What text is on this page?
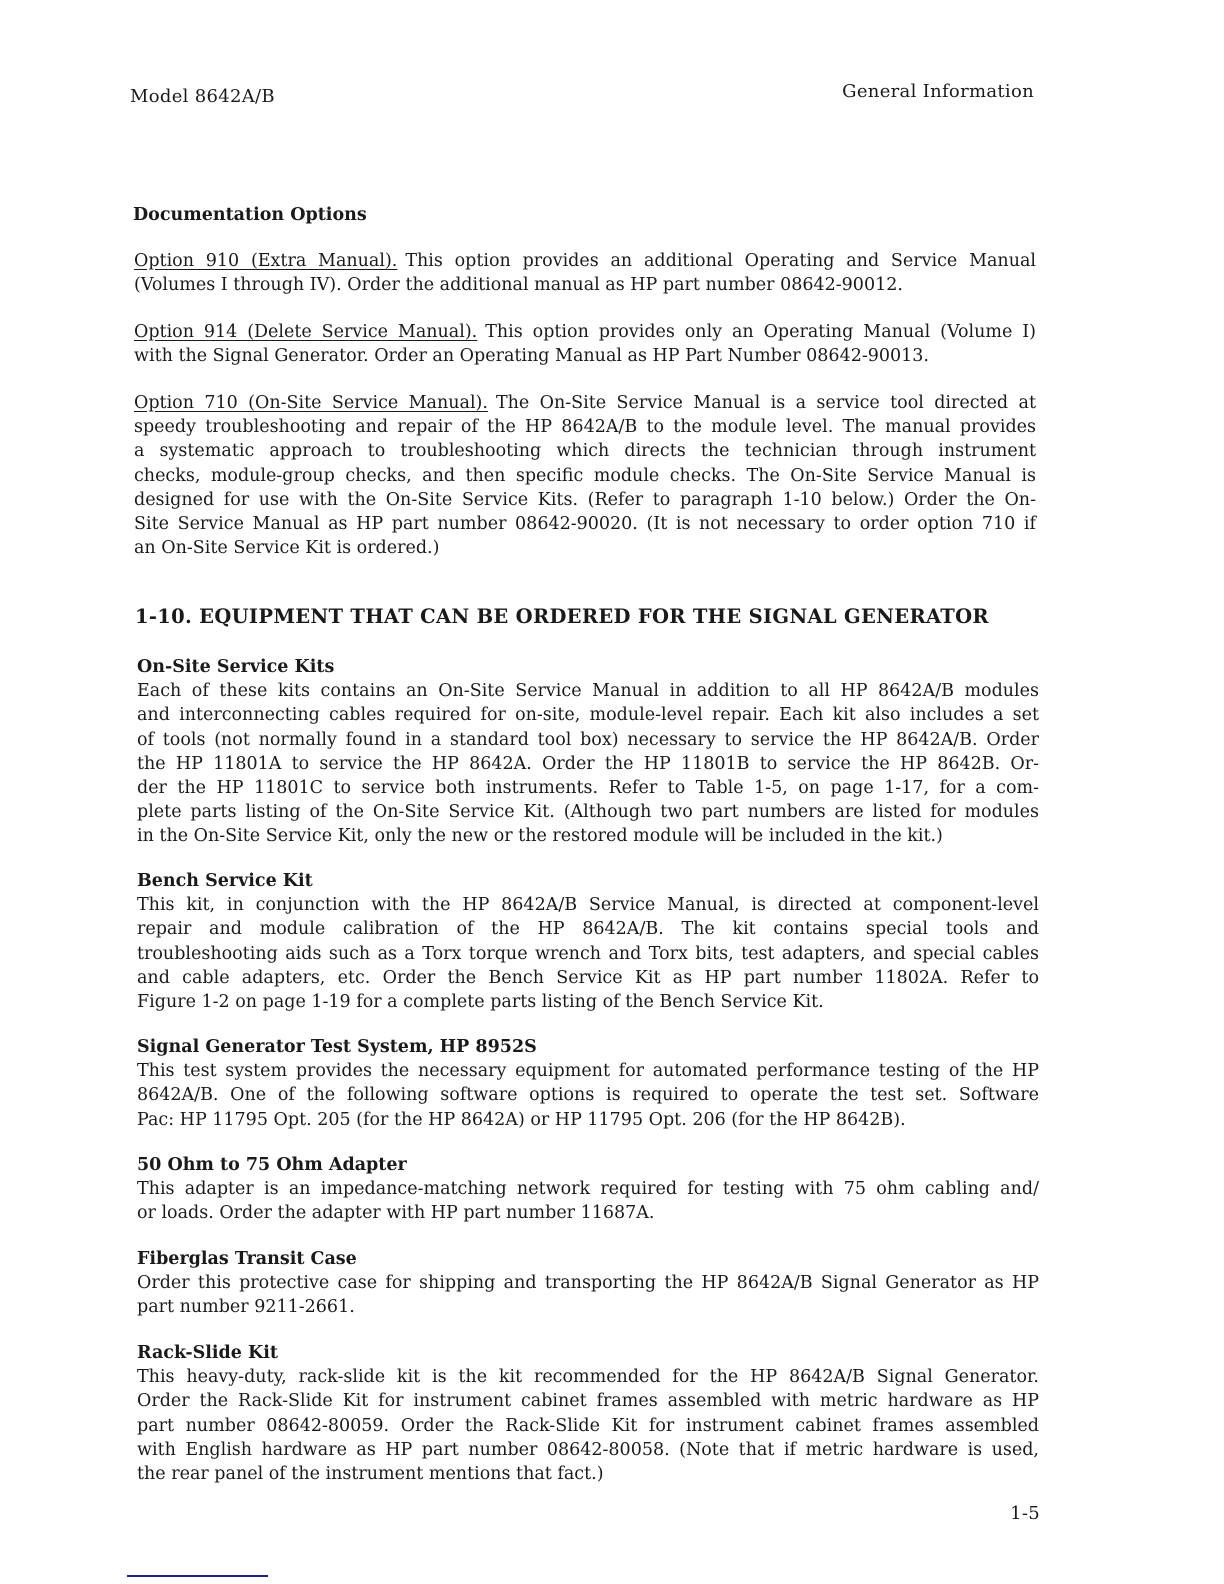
Model 8642A/B	General Information
Documentation Options
Option 910 (Extra Manual). This option provides an additional Operating and Service Manual
(Volumes I through IV). Order the additional manual as HP part number 08642-90012.
Option 914 (Delete Service Manual). This option provides only an Operating Manual (Volume I)
with the Signal Generator. Order an Operating Manual as HP Part Number 08642-90013.
Option 710 (On-Site Service Manual). The On-Site Service Manual is a service tool directed at
speedy troubleshooting and repair of the HP 8642A/B to the module level. The manual provides
a systematic approach to troubleshooting which directs the technician through instrument
checks, module-group checks, and then specific module checks. The On-Site Service Manual is
designed for use with the On-Site Service Kits. (Refer to paragraph 1-10 below.) Order the On-
Site Service Manual as HP part number 08642-90020. (It is not necessary to order option 710 if
an On-Site Service Kit is ordered.)
1-10. EQUIPMENT THAT CAN BE ORDERED FOR THE SIGNAL GENERATOR
On-Site Service Kits
Each of these kits contains an On-Site Service Manual in addition to all HP 8642A/B modules
and interconnecting cables required for on-site, module-level repair. Each kit also includes a set
of tools (not normally found in a standard tool box) necessary to service the HP 8642A/B. Order
the HP 11801A to service the HP 8642A. Order the HP 11801B to service the HP 8642B. Or-
der the HP 11801C to service both instruments. Refer to Table 1-5, on page 1-17, for a com-
plete parts listing of the On-Site Service Kit. (Although two part numbers are listed for modules
in the On-Site Service Kit, only the new or the restored module will be included in the kit.)
Bench Service Kit
This kit, in conjunction with the HP 8642A/B Service Manual, is directed at component-level
repair and module calibration of the HP 8642A/B. The kit contains special tools and
troubleshooting aids such as a Torx torque wrench and Torx bits, test adapters, and special cables
and cable adapters, etc. Order the Bench Service Kit as HP part number 11802A. Refer to
Figure 1-2 on page 1-19 for a complete parts listing of the Bench Service Kit.
Signal Generator Test System, HP 8952S
This test system provides the necessary equipment for automated performance testing of the HP
8642A/B. One of the following software options is required to operate the test set. Software
Pac: HP 11795 Opt. 205 (for the HP 8642A) or HP 11795 Opt. 206 (for the HP 8642B).
50 Ohm to 75 Ohm Adapter
This adapter is an impedance-matching network required for testing with 75 ohm cabling and/
or loads. Order the adapter with HP part number 11687A.
Fiberglas Transit Case
Order this protective case for shipping and transporting the HP 8642A/B Signal Generator as HP
part number 9211-2661.
Rack-Slide Kit
This heavy-duty, rack-slide kit is the kit recommended for the HP 8642A/B Signal Generator.
Order the Rack-Slide Kit for instrument cabinet frames assembled with metric hardware as HP
part number 08642-80059. Order the Rack-Slide Kit for instrument cabinet frames assembled
with English hardware as HP part number 08642-80058. (Note that if metric hardware is used,
the rear panel of the instrument mentions that fact.)
1-5
